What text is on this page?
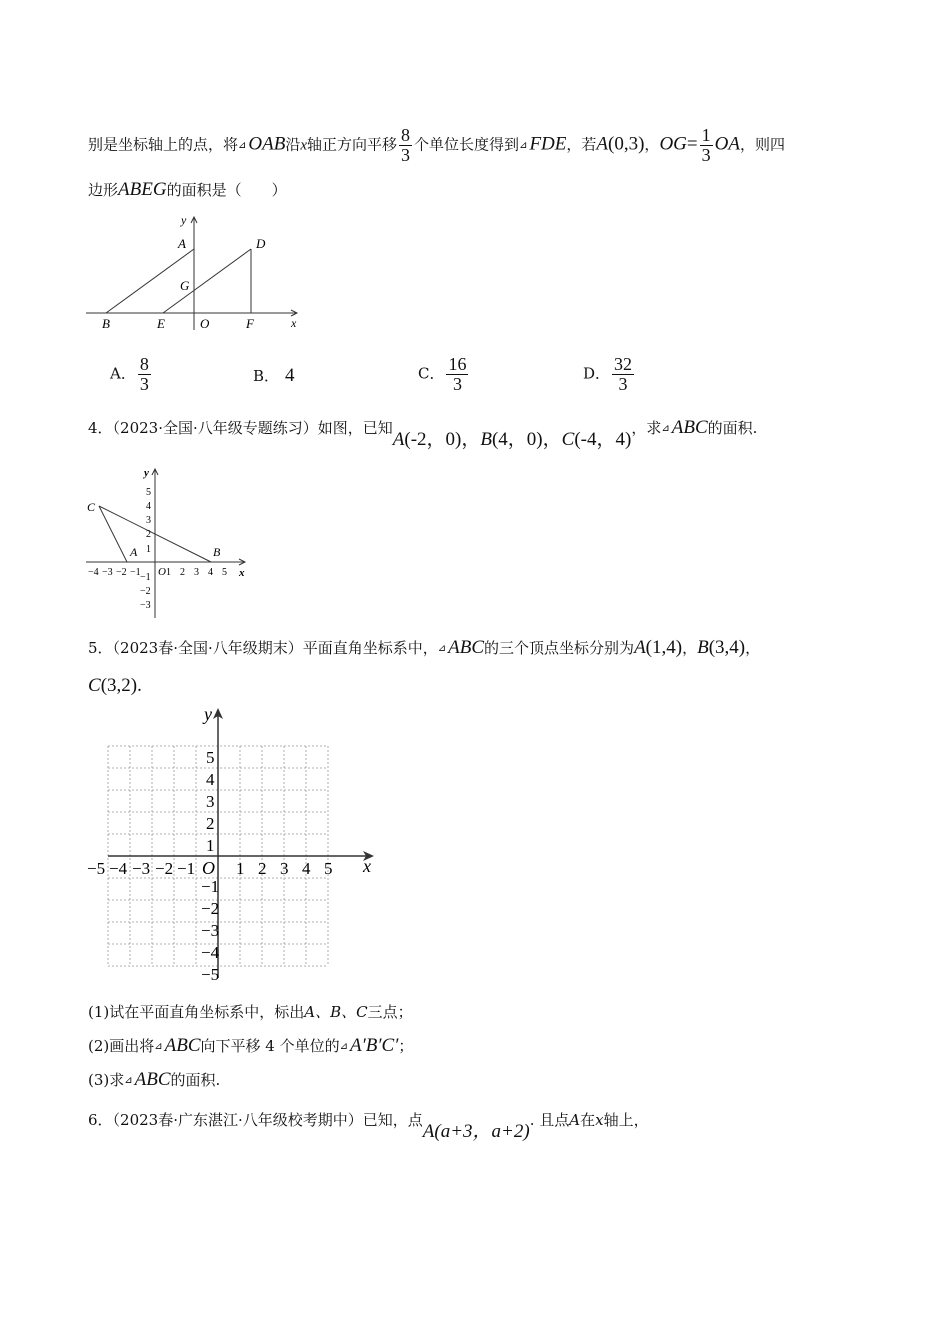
别是坐标轴上的点，将⊿ OAB沿x轴正方向平移 $\frac{8}{3}$ 个单位长度得到⊿ FDE，若A(0,3)，$OG= \frac{1}{3}$ OA，则四
边形ABEG的面积是（　　）
y
A	D
G
B	E	O	F	x
A． $\frac{8}{3}$	B． 4	C． $\frac{16}{3}$	D． $\frac{32}{3}$
4．（2023·全国·八年级专题练习）如图，已知A(-2，0)，B(4，0)，C(-4，4)，求⊿ ABC的面积.
y
x
C
A	B
O
−4 −3 −2 −1	1 2 3 4 5
5
4
3
2
1
−1
−2
−3
5．（2023春·全国·八年级期末）平面直角坐标系中，⊿ ABC的三个顶点坐标分别为A(1,4)，B(3,4)，
C(3,2).
y
x
O
−5 −4 −3 −2 −1 1 2 3 4 5
5
4
3
2
1
−1
−2
−3
−4
−5
(1)试在平面直角坐标系中，标出A、B、C三点；
(2)画出将⊿ ABC向下平移 4 个单位的⊿ A′B′C′；
(3)求⊿ ABC的面积.
6．（2023春·广东湛江·八年级校考期中）已知，点A(a+3，a+2). 且点A在x轴上，
